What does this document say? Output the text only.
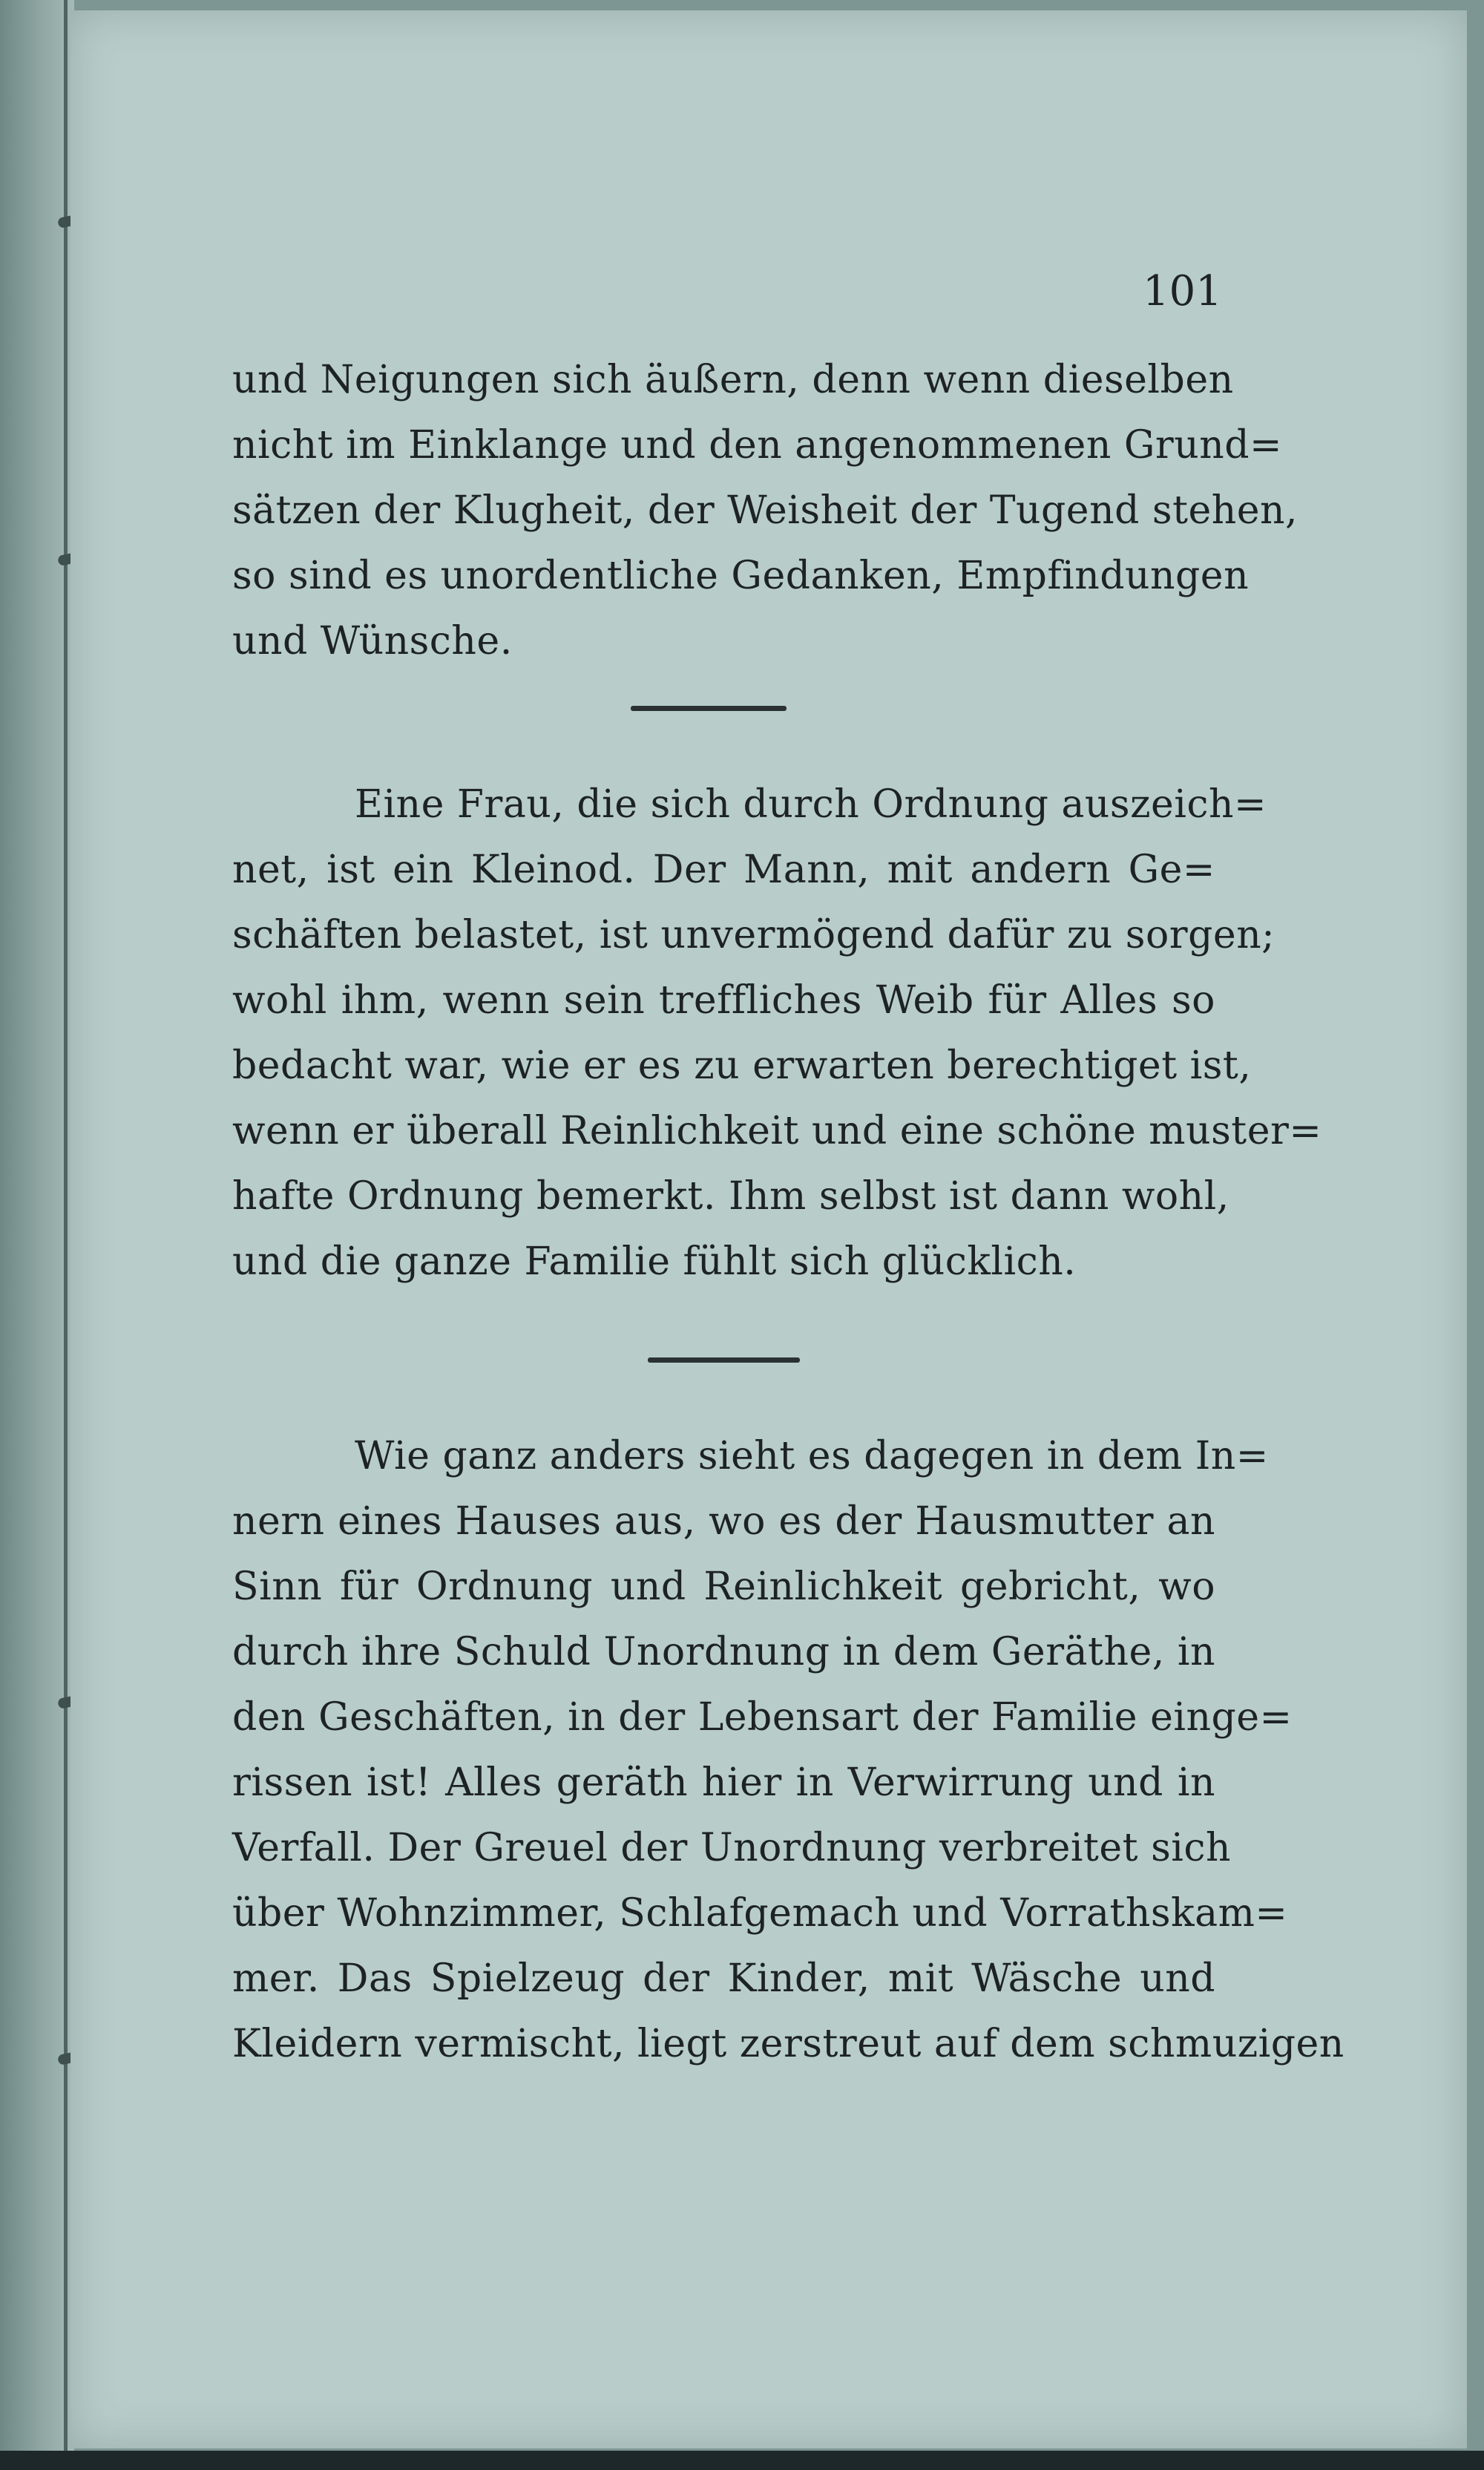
101
und Neigungen sich äußern, denn wenn dieselben
nicht im Einklange und den angenommenen Grund=
sätzen der Klugheit, der Weisheit der Tugend stehen,
so sind es unordentliche Gedanken, Empfindungen
und Wünsche.
Eine Frau, die sich durch Ordnung auszeich=
net, ist ein Kleinod. Der Mann, mit andern Ge=
schäften belastet, ist unvermögend dafür zu sorgen;
wohl ihm, wenn sein treffliches Weib für Alles so
bedacht war, wie er es zu erwarten berechtiget ist,
wenn er überall Reinlichkeit und eine schöne muster=
hafte Ordnung bemerkt. Ihm selbst ist dann wohl,
und die ganze Familie fühlt sich glücklich.
Wie ganz anders sieht es dagegen in dem In=
nern eines Hauses aus, wo es der Hausmutter an
Sinn für Ordnung und Reinlichkeit gebricht, wo
durch ihre Schuld Unordnung in dem Geräthe, in
den Geschäften, in der Lebensart der Familie einge=
rissen ist! Alles geräth hier in Verwirrung und in
Verfall. Der Greuel der Unordnung verbreitet sich
über Wohnzimmer, Schlafgemach und Vorrathskam=
mer. Das Spielzeug der Kinder, mit Wäsche und
Kleidern vermischt, liegt zerstreut auf dem schmuzigen
